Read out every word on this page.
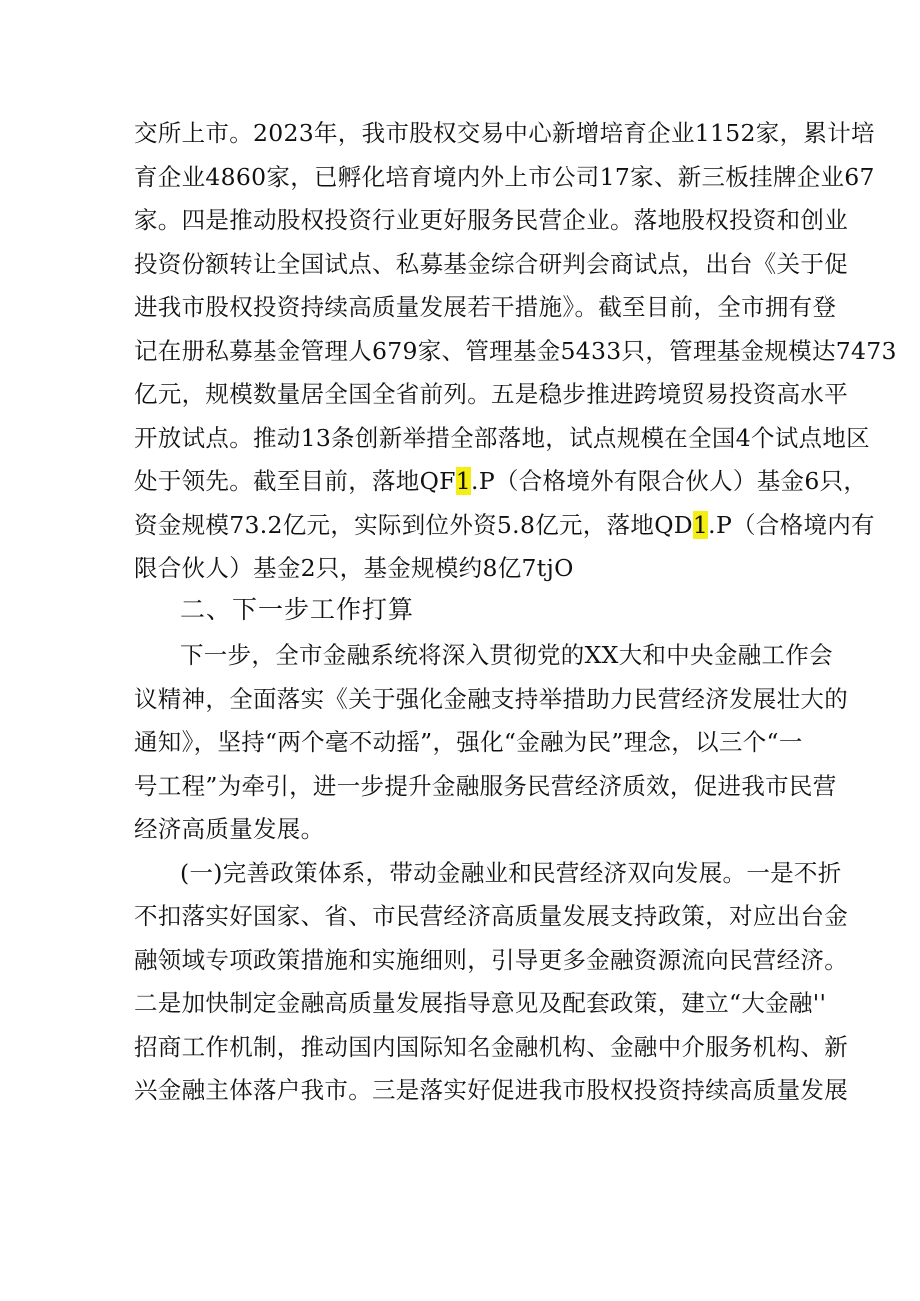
交所上市。2023年，我市股权交易中心新增培育企业1152家，累计培
育企业4860家，已孵化培育境内外上市公司17家、新三板挂牌企业67
家。四是推动股权投资行业更好服务民营企业。落地股权投资和创业
投资份额转让全国试点、私募基金综合研判会商试点，出台《关于促
进我市股权投资持续高质量发展若干措施》。截至目前，全市拥有登
记在册私募基金管理人679家、管理基金5433只，管理基金规模达7473
亿元，规模数量居全国全省前列。五是稳步推进跨境贸易投资高水平
开放试点。推动13条创新举措全部落地，试点规模在全国4个试点地区
处于领先。截至目前，落地QF1.P（合格境外有限合伙人）基金6只，
资金规模73.2亿元，实际到位外资5.8亿元，落地QD1.P（合格境内有
限合伙人）基金2只，基金规模约8亿7tjO
二、下一步工作打算
下一步，全市金融系统将深入贯彻党的XX大和中央金融工作会
议精神，全面落实《关于强化金融支持举措助力民营经济发展壮大的
通知》，坚持“两个毫不动摇”，强化“金融为民”理念，以三个“一
号工程”为牵引，进一步提升金融服务民营经济质效，促进我市民营
经济高质量发展。
(一)完善政策体系，带动金融业和民营经济双向发展。一是不折
不扣落实好国家、省、市民营经济高质量发展支持政策，对应出台金
融领域专项政策措施和实施细则，引导更多金融资源流向民营经济。
二是加快制定金融高质量发展指导意见及配套政策，建立“大金融''
招商工作机制，推动国内国际知名金融机构、金融中介服务机构、新
兴金融主体落户我市。三是落实好促进我市股权投资持续高质量发展
